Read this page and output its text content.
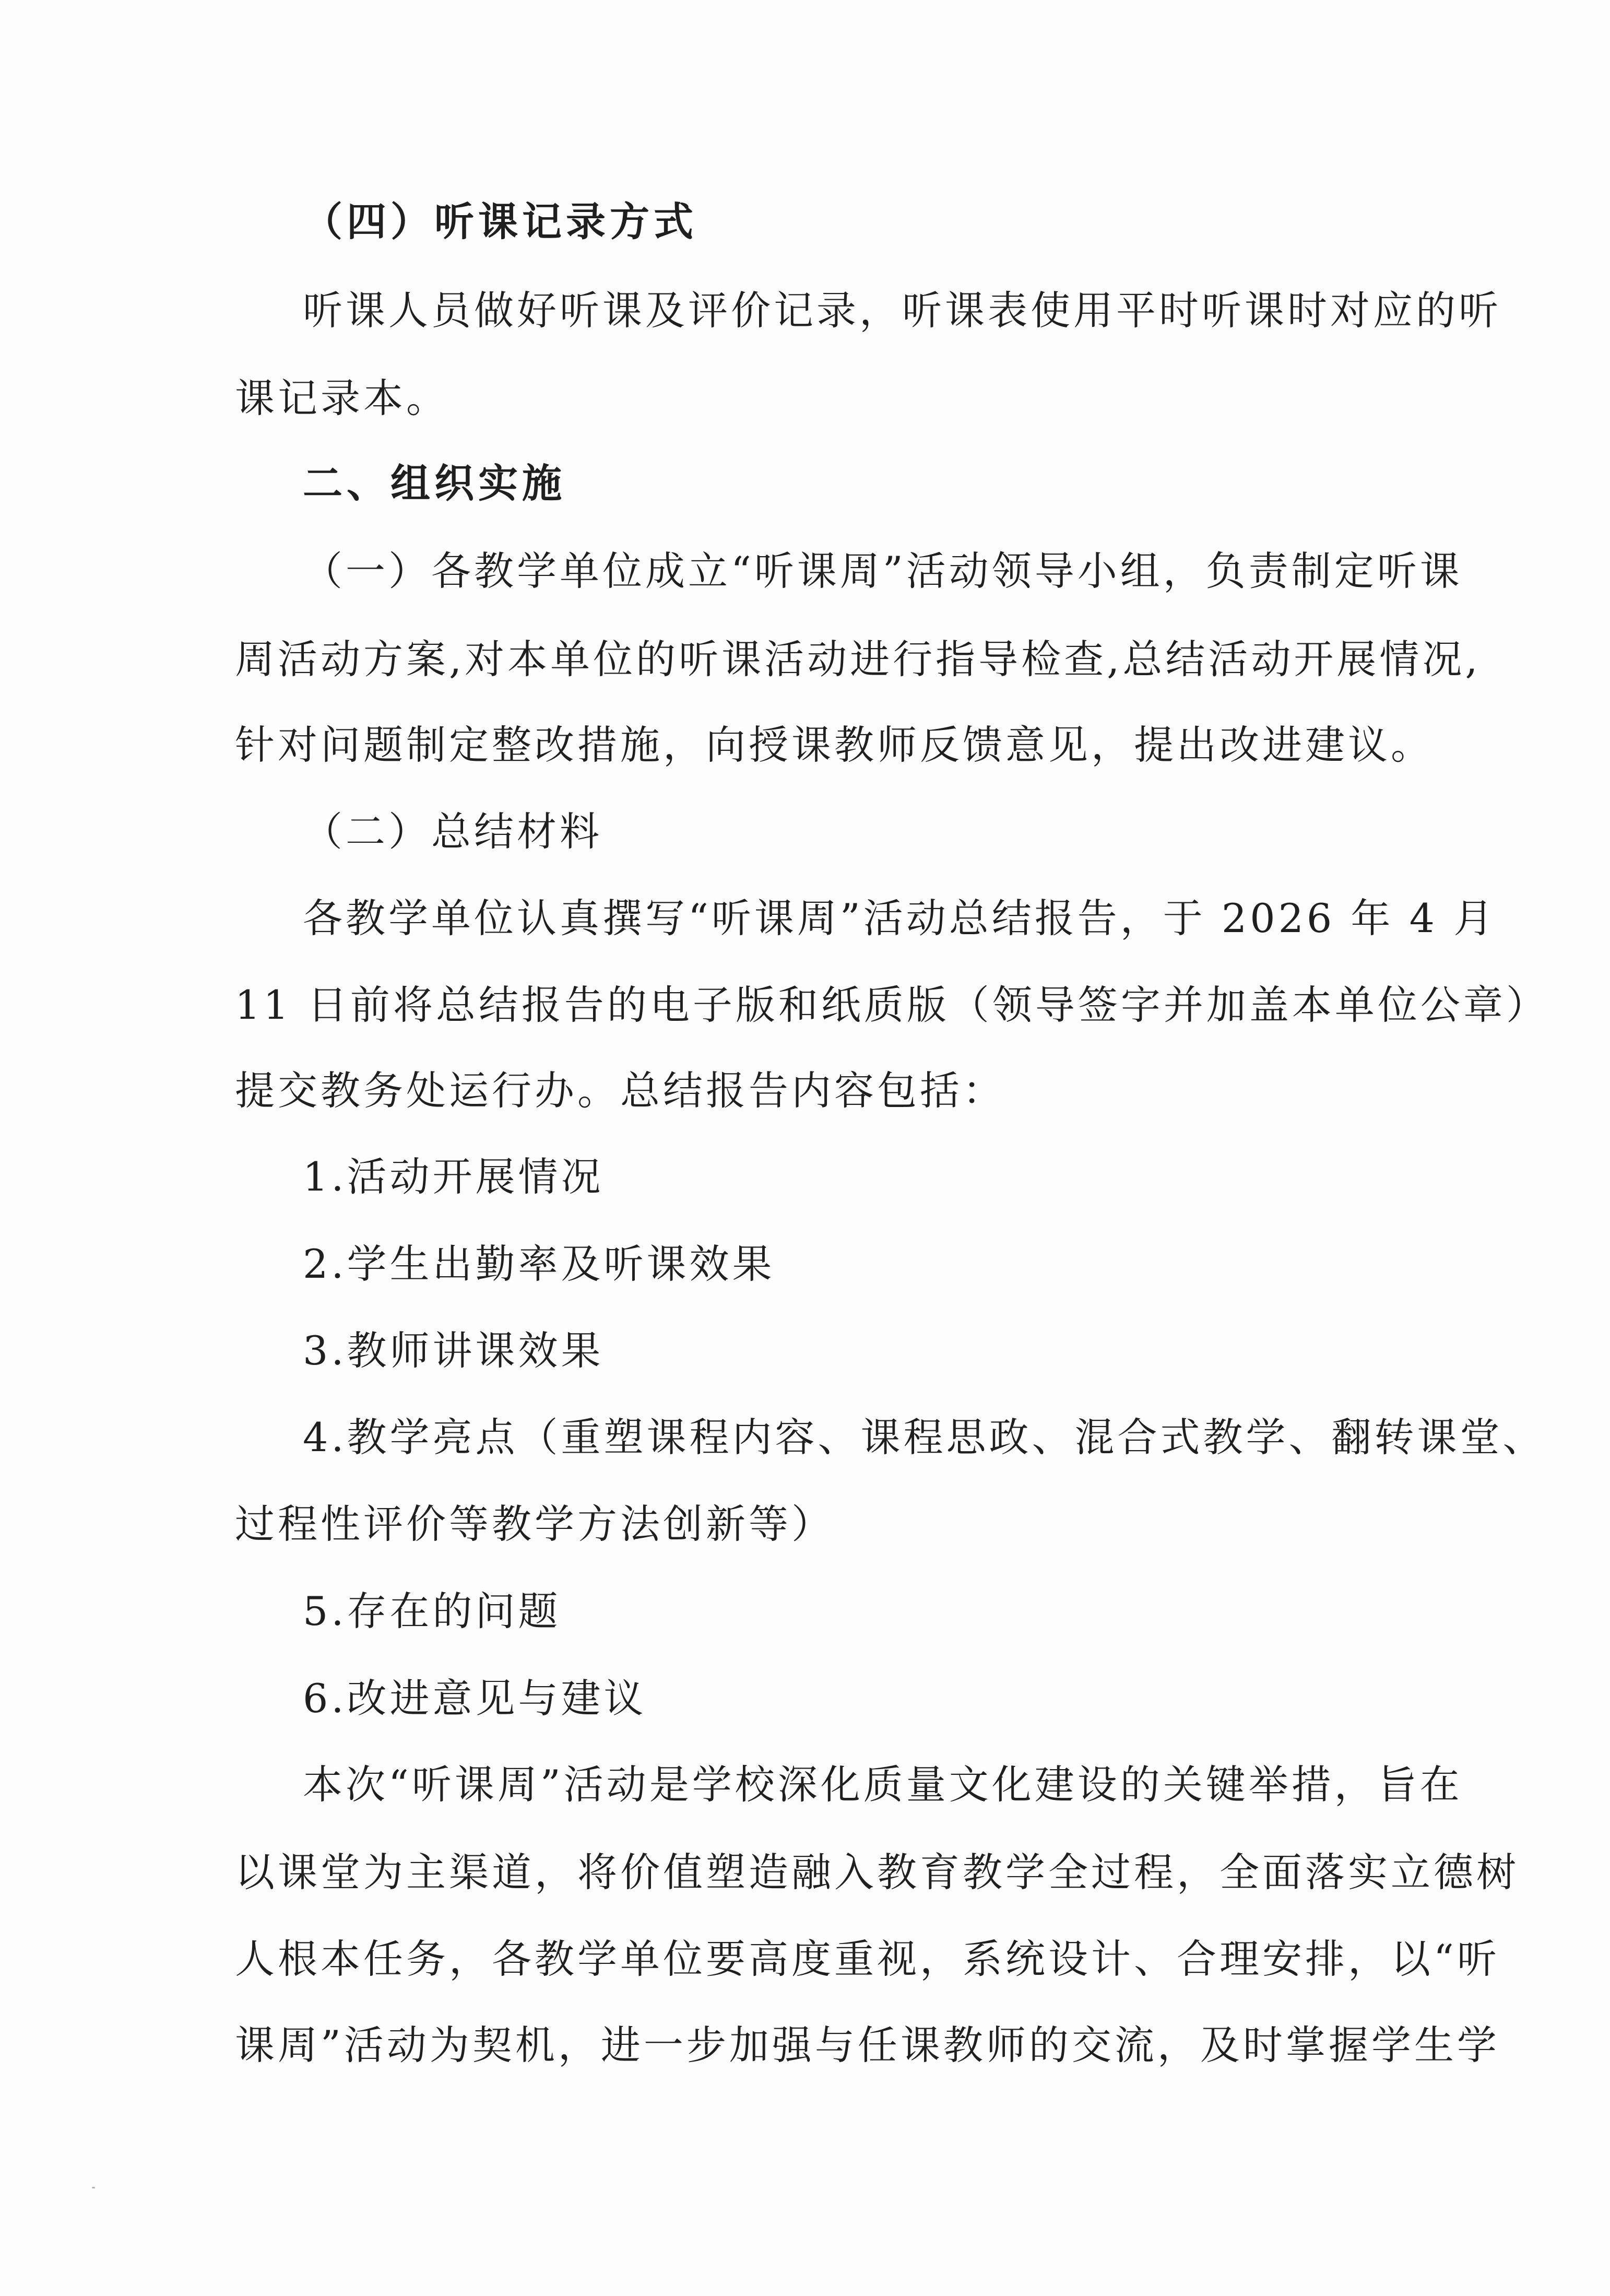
（四）听课记录方式
听课人员做好听课及评价记录，听课表使用平时听课时对应的听
课记录本。
二、组织实施
（一）各教学单位成立“听课周”活动领导小组，负责制定听课
周活动方案,对本单位的听课活动进行指导检查,总结活动开展情况,
针对问题制定整改措施，向授课教师反馈意见，提出改进建议。
（二）总结材料
各教学单位认真撰写“听课周”活动总结报告，于 2026 年 4 月
11 日前将总结报告的电子版和纸质版（领导签字并加盖本单位公章）
提交教务处运行办。总结报告内容包括：
1.活动开展情况
2.学生出勤率及听课效果
3.教师讲课效果
4.教学亮点（重塑课程内容、课程思政、混合式教学、翻转课堂、
过程性评价等教学方法创新等）
5.存在的问题
6.改进意见与建议
本次“听课周”活动是学校深化质量文化建设的关键举措，旨在
以课堂为主渠道，将价值塑造融入教育教学全过程，全面落实立德树
人根本任务，各教学单位要高度重视，系统设计、合理安排，以“听
课周”活动为契机，进一步加强与任课教师的交流，及时掌握学生学
